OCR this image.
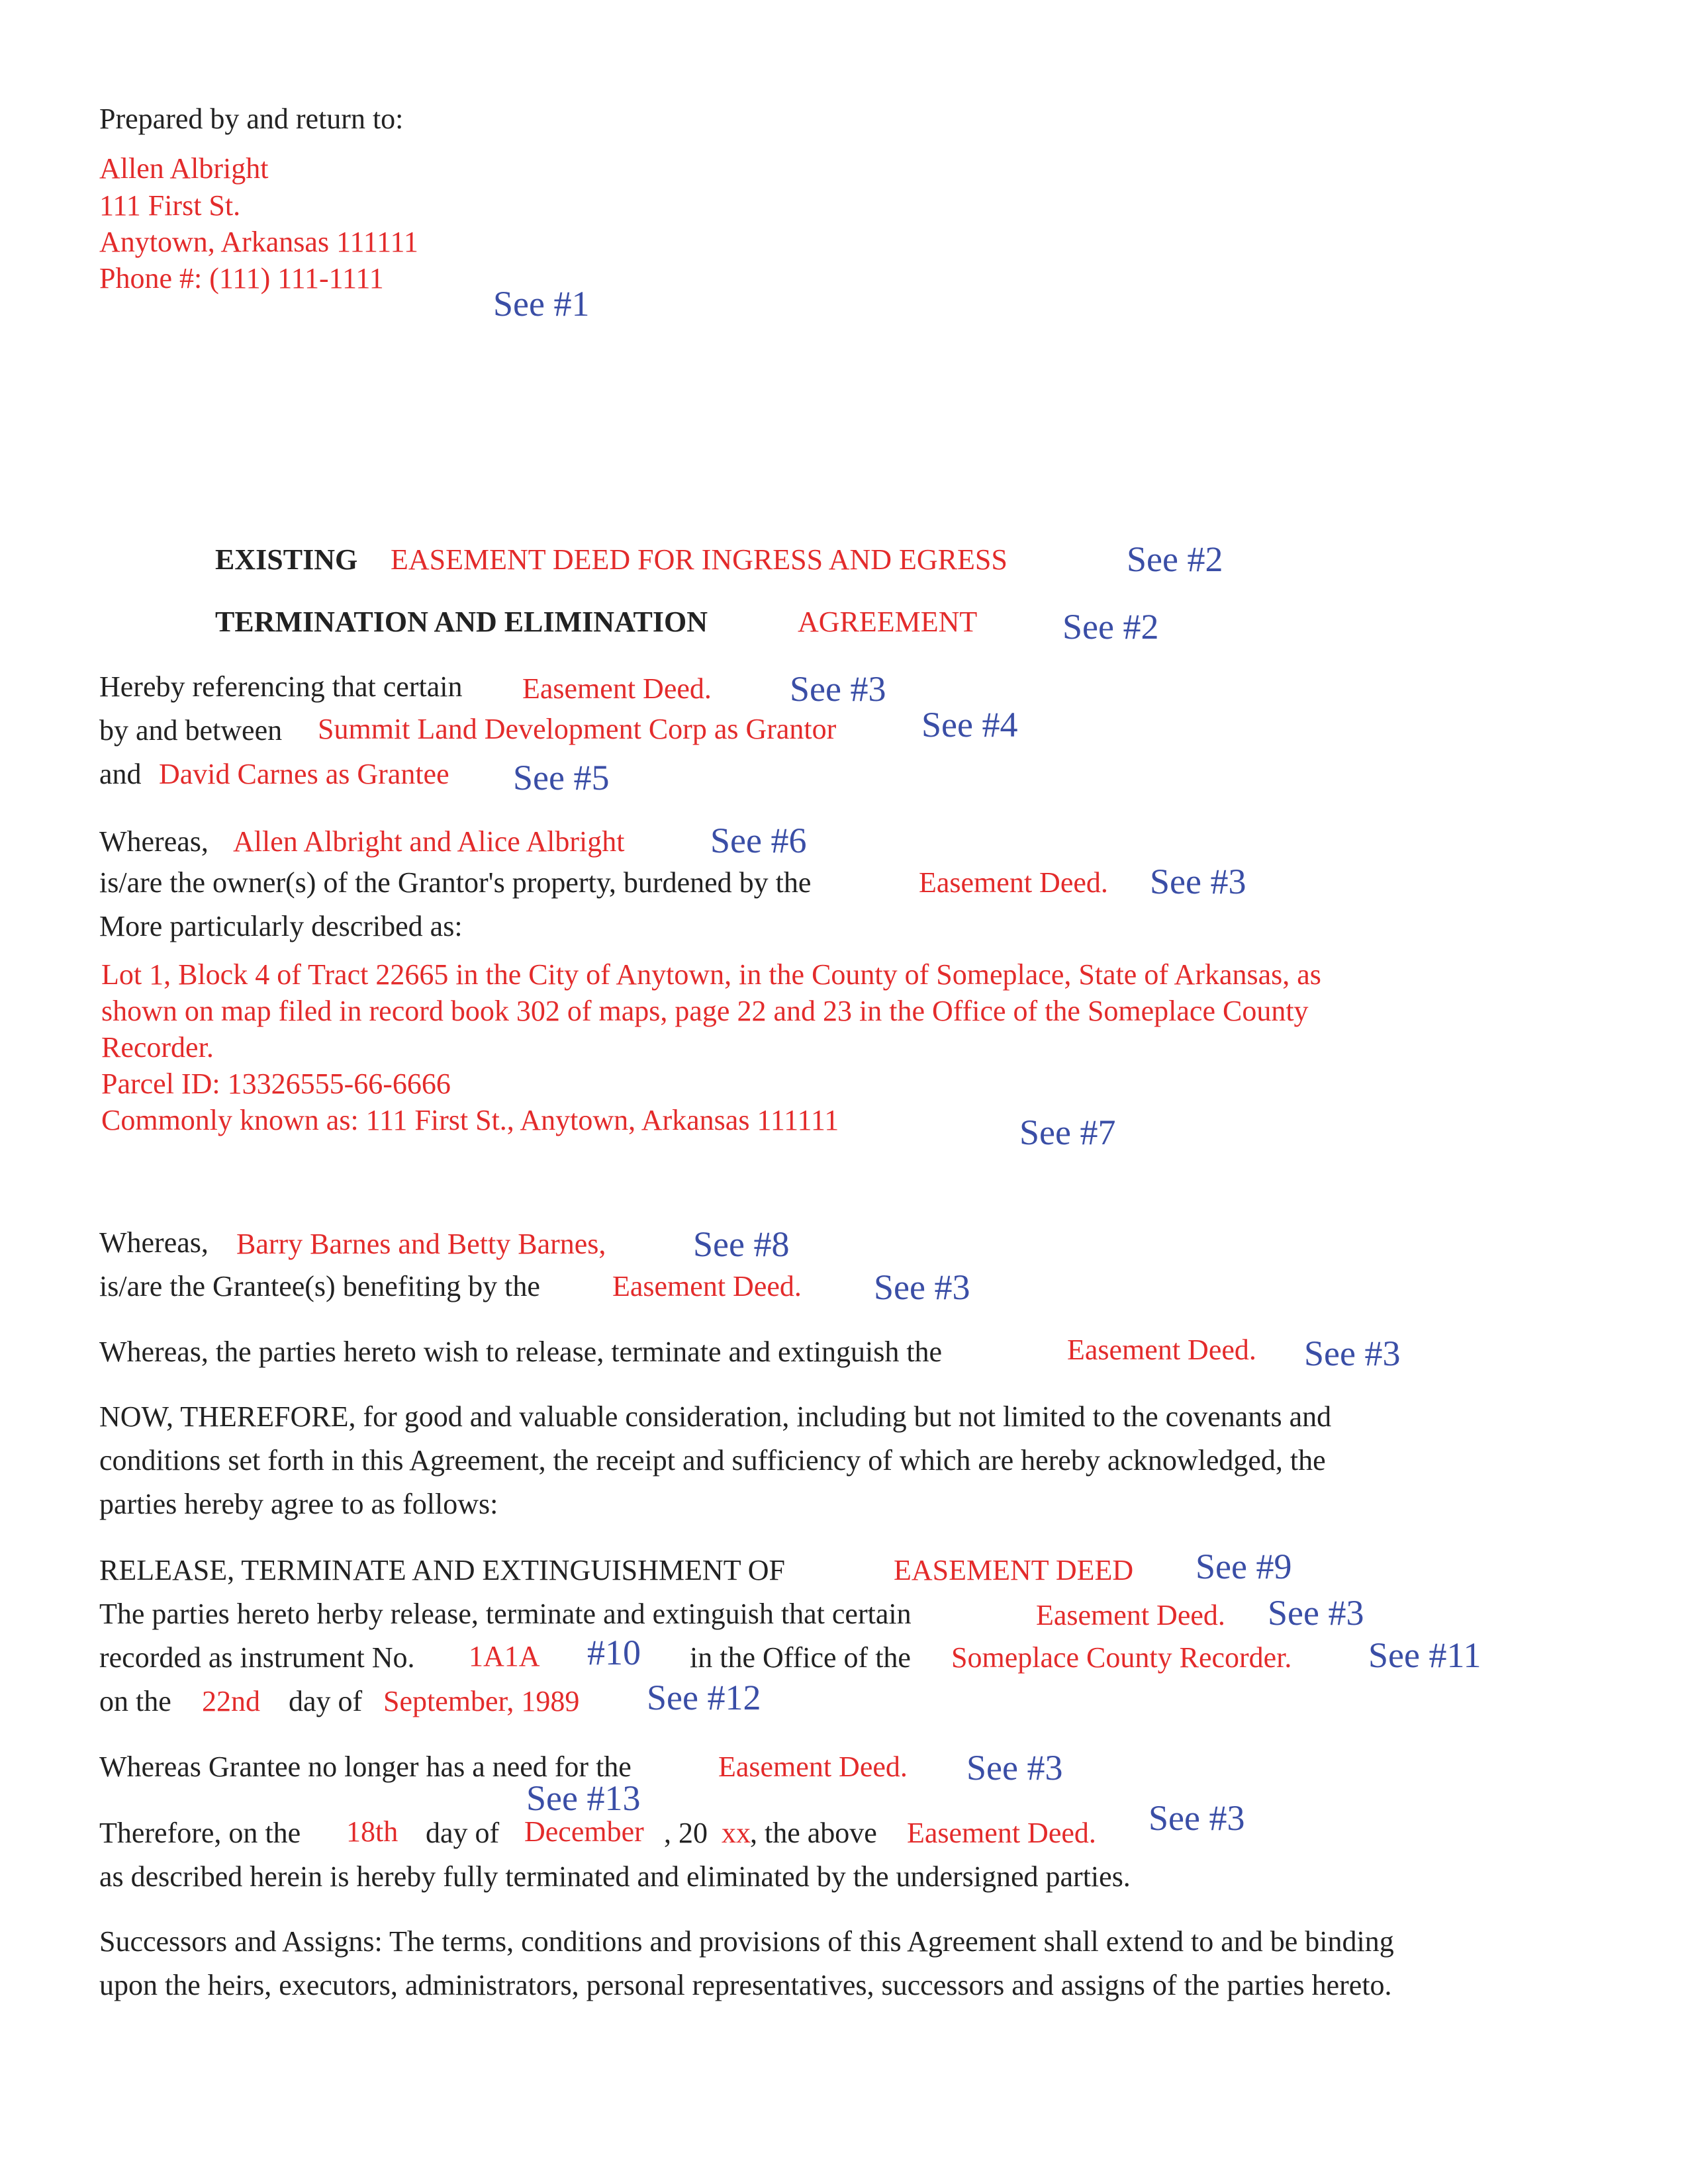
Prepared by and return to:
Allen Albright
111 First St.
Anytown, Arkansas 111111
Phone #: (111) 111-1111
See #1
EXISTING EASEMENT DEED FOR INGRESS AND EGRESS	See #2
TERMINATION AND ELIMINATION	AGREEMENT See #2
Hereby referencing that certain Easement Deed. See #3
by and between Summit Land Development Corp as Grantor See #4
and David Carnes as Grantee See #5
Whereas, Allen Albright and Alice Albright See #6
is/are the owner(s) of the Grantor's property, burdened by the	Easement Deed. See #3
More particularly described as:
Lot 1, Block 4 of Tract 22665 in the City of Anytown, in the County of Someplace, State of Arkansas, as
shown on map filed in record book 302 of maps, page 22 and 23 in the Office of the Someplace County
Recorder.
Parcel ID: 13326555-66-6666
Commonly known as: 111 First St., Anytown, Arkansas 111111	See #7
Whereas, Barry Barnes and Betty Barnes, See #8
is/are the Grantee(s) benefiting by the Easement Deed. See #3
Whereas, the parties hereto wish to release, terminate and extinguish the	Easement Deed. See #3
NOW, THEREFORE, for good and valuable consideration, including but not limited to the covenants and
conditions set forth in this Agreement, the receipt and sufficiency of which are hereby acknowledged, the
parties hereby agree to as follows:
RELEASE, TERMINATE AND EXTINGUISHMENT OF	EASEMENT DEED See #9
The parties hereto herby release, terminate and extinguish that certain	Easement Deed. See #3
recorded as instrument No. 1A1A #10 in the Office of the Someplace County Recorder. See #11
on the 22nd day of September, 1989 See #12
Whereas Grantee no longer has a need for the	Easement Deed. See #3
See #13
Therefore, on the 18th day of December , 20 xx , the above Easement Deed. See #3
as described herein is hereby fully terminated and eliminated by the undersigned parties.
Successors and Assigns: The terms, conditions and provisions of this Agreement shall extend to and be binding
upon the heirs, executors, administrators, personal representatives, successors and assigns of the parties hereto.
